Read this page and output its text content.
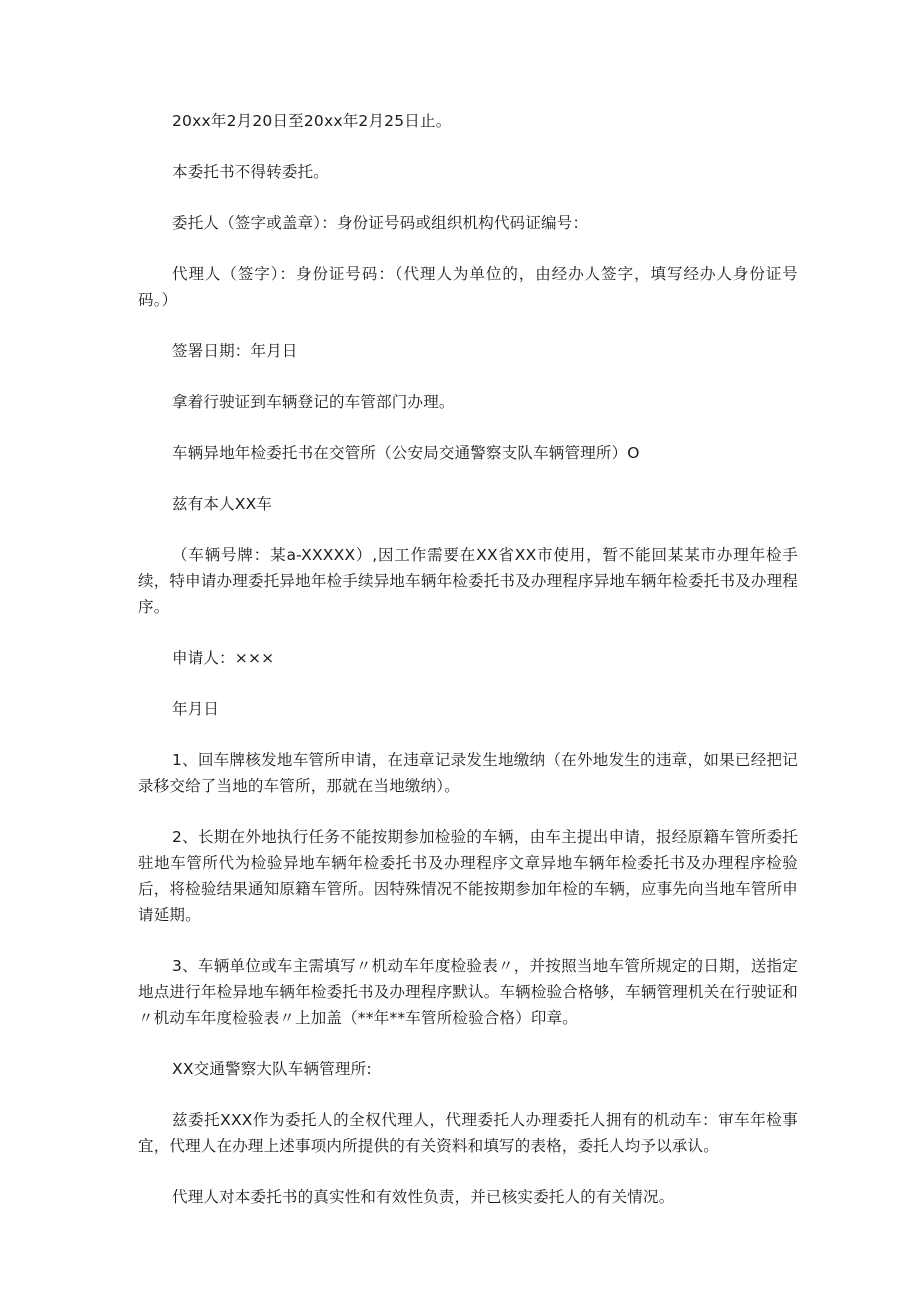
20xx年2月20日至20xx年2月25日止。

本委托书不得转委托。

委托人（签字或盖章）：身份证号码或组织机构代码证编号：

代理人（签字）：身份证号码：（代理人为单位的，由经办人签字，填写经办人身份证号码。）

签署日期：年月日

拿着行驶证到车辆登记的车管部门办理。

车辆异地年检委托书在交管所（公安局交通警察支队车辆管理所）O

兹有本人XX车

（车辆号牌：某a-XXXXX）,因工作需要在XX省XX市使用，暂不能回某某市办理年检手续，特申请办理委托异地年检手续异地车辆年检委托书及办理程序异地车辆年检委托书及办理程序。

申请人：×××

年月日

1、回车牌核发地车管所申请，在违章记录发生地缴纳（在外地发生的违章，如果已经把记录移交给了当地的车管所，那就在当地缴纳）。

2、长期在外地执行任务不能按期参加检验的车辆，由车主提出申请，报经原籍车管所委托驻地车管所代为检验异地车辆年检委托书及办理程序文章异地车辆年检委托书及办理程序检验后，将检验结果通知原籍车管所。因特殊情况不能按期参加年检的车辆，应事先向当地车管所申请延期。

3、车辆单位或车主需填写〃机动车年度检验表〃，并按照当地车管所规定的日期，送指定地点进行年检异地车辆年检委托书及办理程序默认。车辆检验合格够，车辆管理机关在行驶证和〃机动车年度检验表〃上加盖（**年**车管所检验合格）印章。

XX交通警察大队车辆管理所:

兹委托XXX作为委托人的全权代理人，代理委托人办理委托人拥有的机动车：审车年检事宜，代理人在办理上述事项内所提供的有关资料和填写的表格，委托人均予以承认。

代理人对本委托书的真实性和有效性负责，并已核实委托人的有关情况。
